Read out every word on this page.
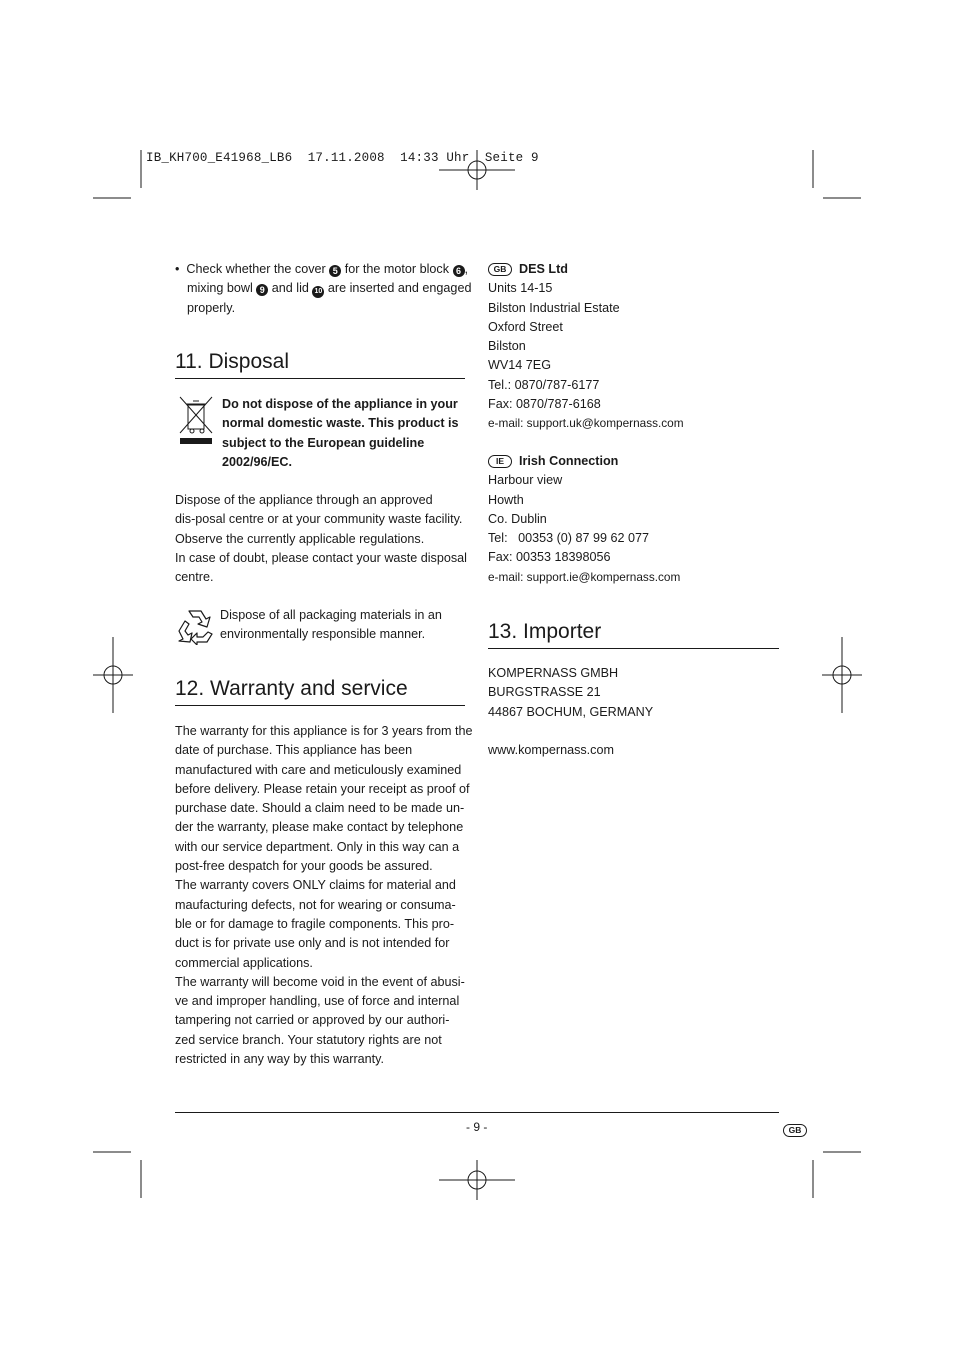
IB_KH700_E41968_LB6  17.11.2008  14:33 Uhr  Seite 9
•  Check whether the cover 5 for the motor block 6 ,
mixing bowl 9 and lid 10 are inserted and engaged
properly.
11. Disposal
Do not dispose of the appliance in your
normal domestic waste. This product is
subject to the European guideline
2002/96/EC.
Dispose of the appliance through an approved
dis-posal centre or at your community waste facility.
Observe the currently applicable regulations.
In case of doubt, please contact your waste disposal
centre.
Dispose of all packaging materials in an
environmentally responsible manner.
12. Warranty and service
The warranty for this appliance is for 3 years from the
date of purchase. This appliance has been
manufactured with care and meticulously examined
before delivery. Please retain your receipt as proof of
purchase date. Should a claim need to be made un-
der the warranty, please make contact by telephone
with our service department. Only in this way can a
post-free despatch for your goods be assured.
The warranty covers ONLY claims for material and
maufacturing defects, not for wearing or consuma-
ble or for damage to fragile components. This pro-
duct is for private use only and is not intended for
commercial applications.
The warranty will become void in the event of abusi-
ve and improper handling, use of force and internal
tampering not carried or approved by our authori-
zed service branch. Your statutory rights are not
restricted in any way by this warranty.
GB DES Ltd
Units 14-15
Bilston Industrial Estate
Oxford Street
Bilston
WV14 7EG
Tel.: 0870/787-6177
Fax: 0870/787-6168
e-mail: support.uk@kompernass.com
IE Irish Connection
Harbour view
Howth
Co. Dublin
Tel:   00353 (0) 87 99 62 077
Fax: 00353 18398056
e-mail: support.ie@kompernass.com
13. Importer
KOMPERNASS GMBH
BURGSTRASSE 21
44867 BOCHUM, GERMANY
www.kompernass.com
- 9 -	GB
